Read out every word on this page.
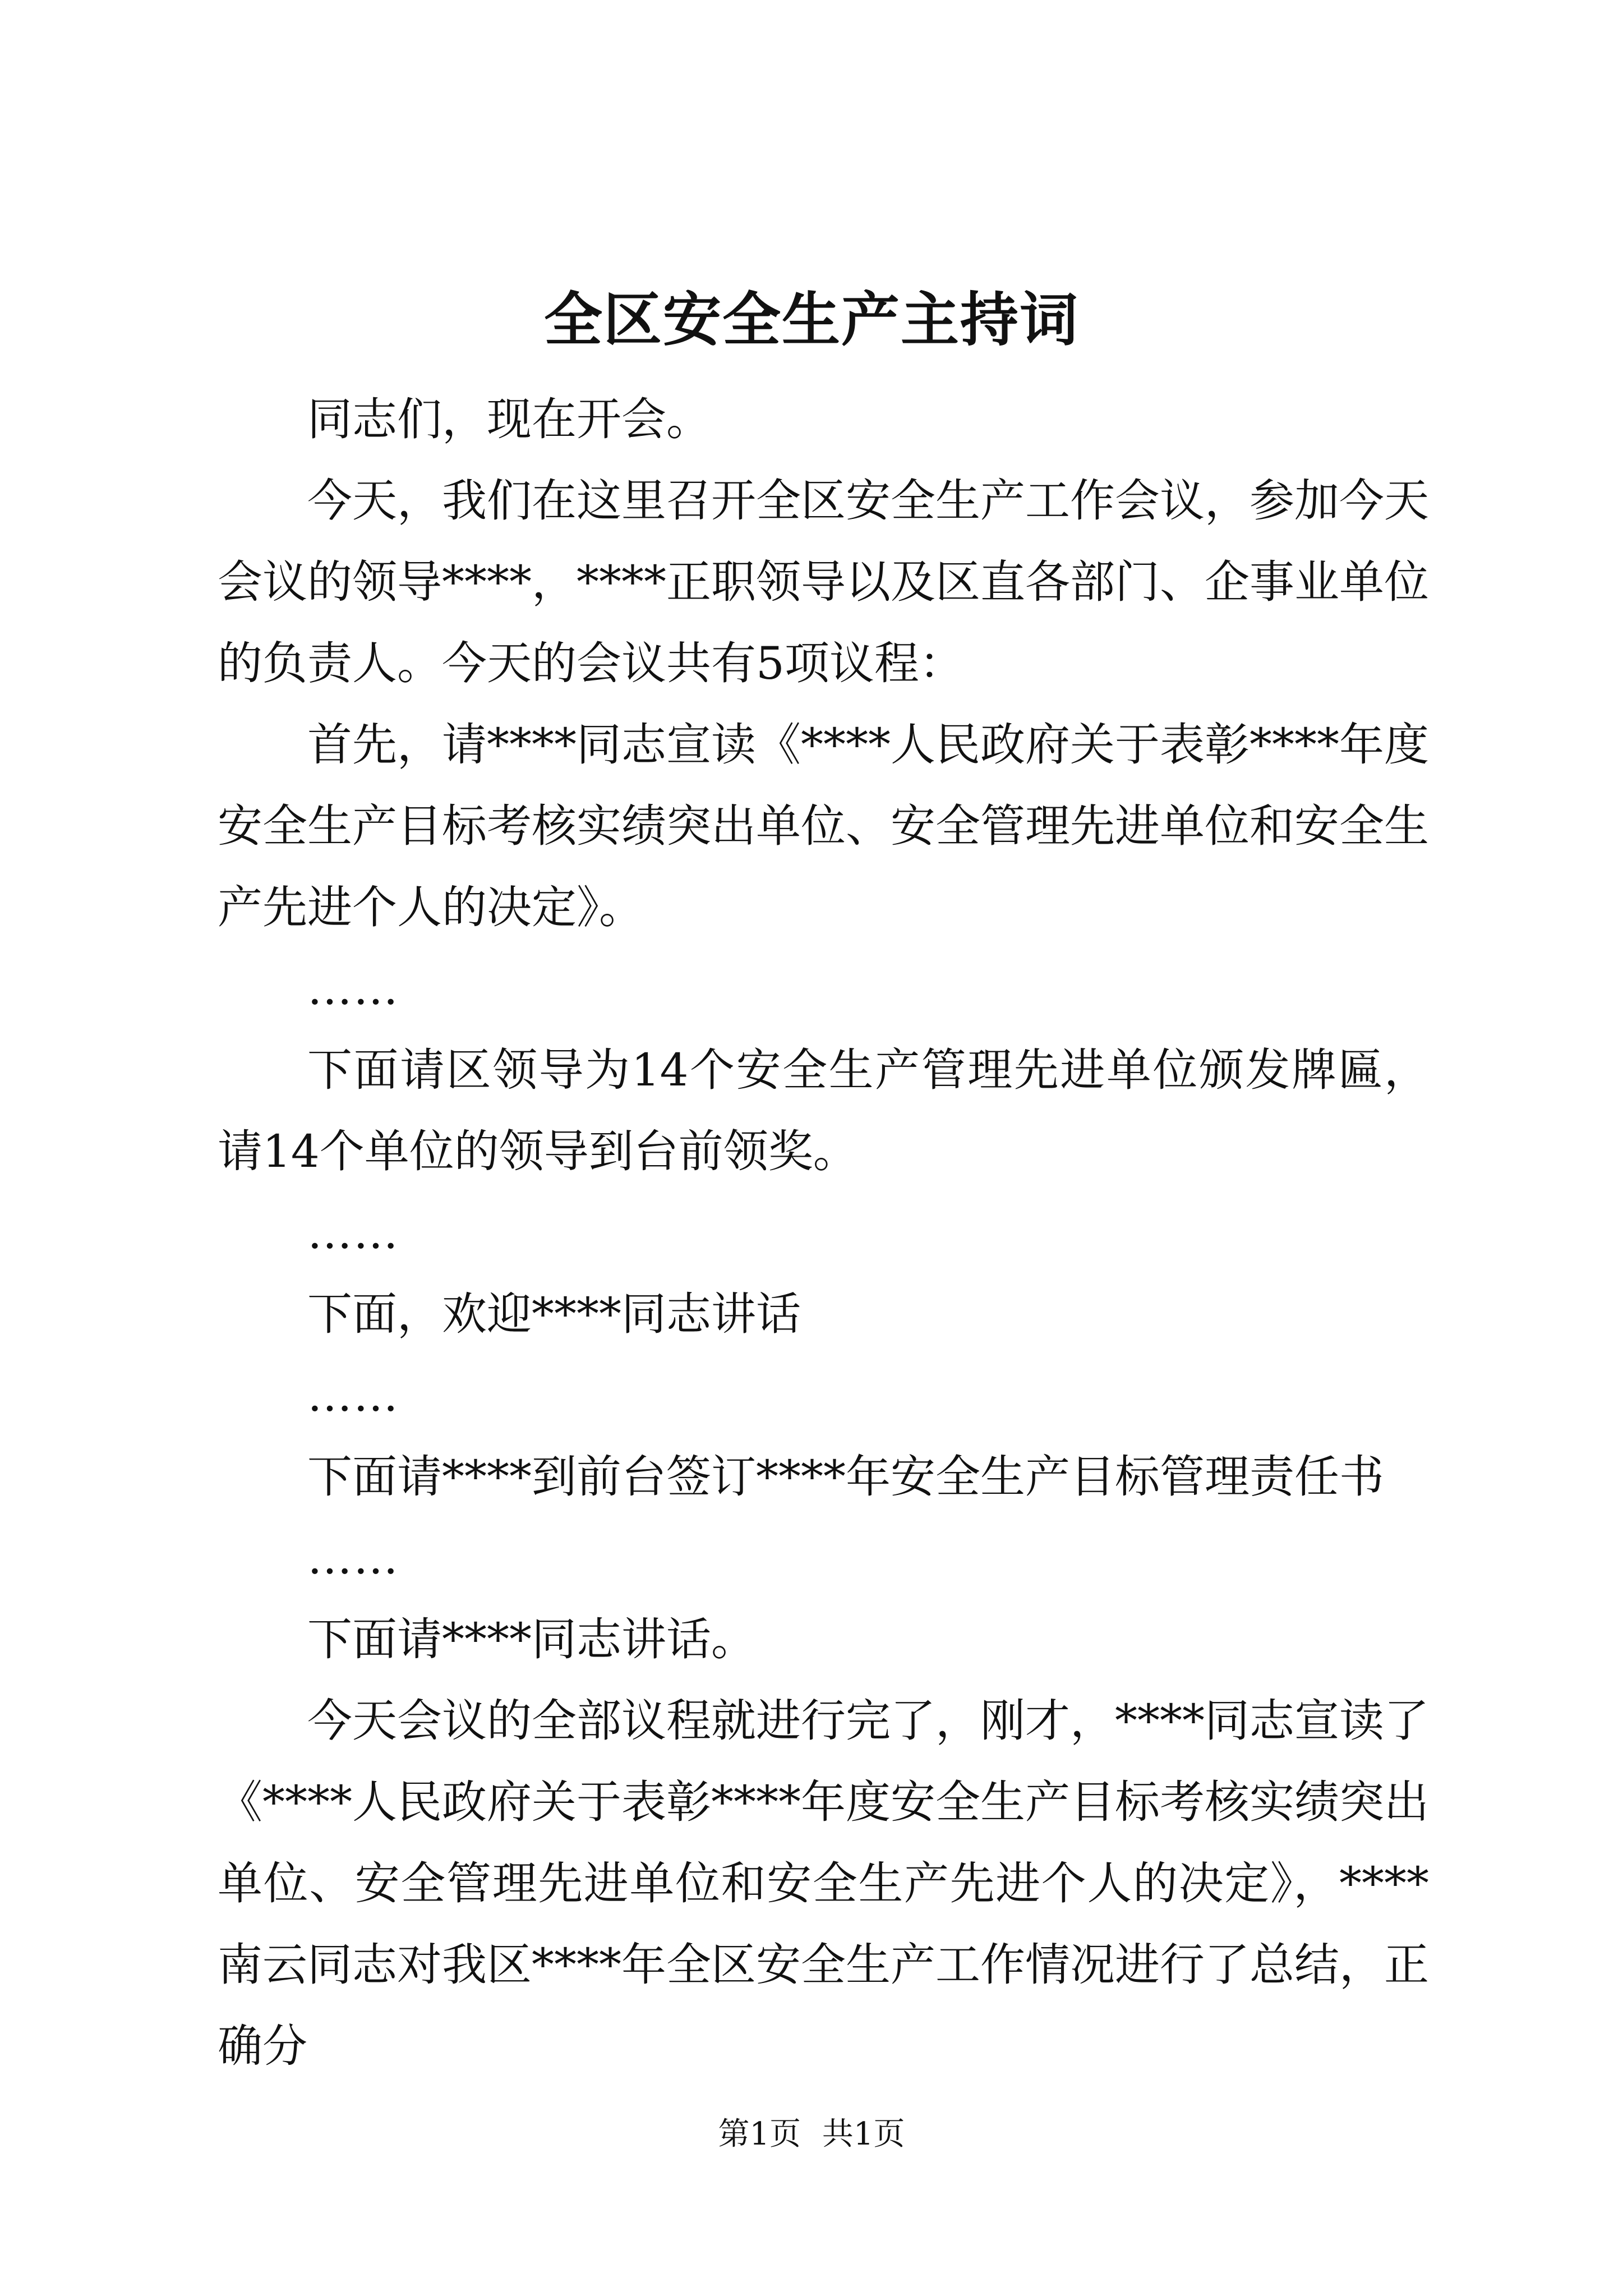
全区安全生产主持词

同志们，现在开会。

今天，我们在这里召开全区安全生产工作会议，参加今天会议的领导****，****正职领导以及区直各部门、企事业单位的负责人。今天的会议共有5项议程：

首先，请****同志宣读《****人民政府关于表彰****年度安全生产目标考核实绩突出单位、安全管理先进单位和安全生产先进个人的决定》。

……

下面请区领导为14个安全生产管理先进单位颁发牌匾，请14个单位的领导到台前领奖。

……

下面，欢迎****同志讲话

……

下面请****到前台签订****年安全生产目标管理责任书

……

下面请****同志讲话。

今天会议的全部议程就进行完了，刚才，****同志宣读了《****人民政府关于表彰****年度安全生产目标考核实绩突出单位、安全管理先进单位和安全生产先进个人的决定》，****南云同志对我区****年全区安全生产工作情况进行了总结，正确分

第1页 共1页
